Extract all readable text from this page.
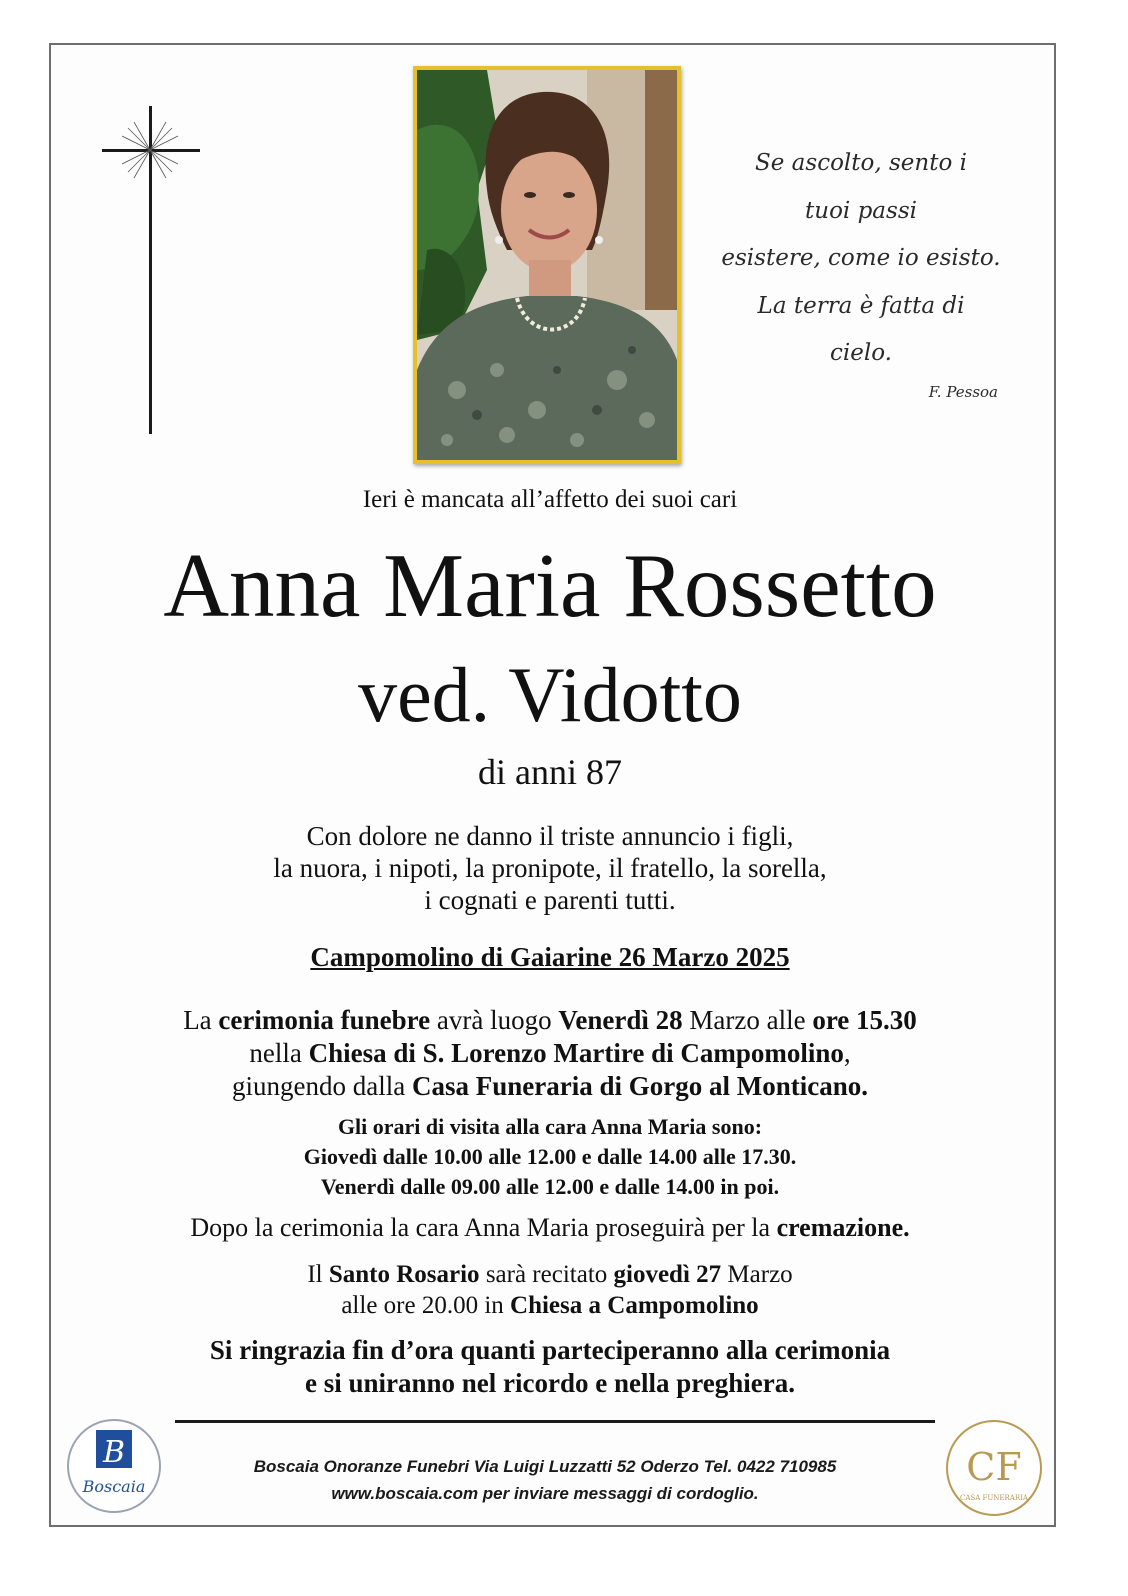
Se ascolto, sento i
tuoi passi
esistere, come io esisto.
La terra è fatta di
cielo.
F. Pessoa
Ieri è mancata all’affetto dei suoi cari
Anna Maria Rossetto
ved. Vidotto
di anni 87
Con dolore ne danno il triste annuncio i figli,
la nuora, i nipoti, la pronipote, il fratello, la sorella,
i cognati e parenti tutti.
Campomolino di Gaiarine 26 Marzo 2025
La cerimonia funebre avrà luogo Venerdì 28 Marzo alle ore 15.30
nella Chiesa di S. Lorenzo Martire di Campomolino,
giungendo dalla Casa Funeraria di Gorgo al Monticano.
Gli orari di visita alla cara Anna Maria sono:
Giovedì dalle 10.00 alle 12.00 e dalle 14.00 alle 17.30.
Venerdì dalle 09.00 alle 12.00 e dalle 14.00 in poi.
Dopo la cerimonia la cara Anna Maria proseguirà per la cremazione.
Il Santo Rosario sarà recitato giovedì 27 Marzo
alle ore 20.00 in Chiesa a Campomolino
Si ringrazia fin d’ora quanti parteciperanno alla cerimonia
e si uniranno nel ricordo e nella preghiera.
B
Boscaia	CF
CASA FUNERARIA
Boscaia Onoranze Funebri Via Luigi Luzzatti 52 Oderzo Tel. 0422 710985
www.boscaia.com per inviare messaggi di cordoglio.
